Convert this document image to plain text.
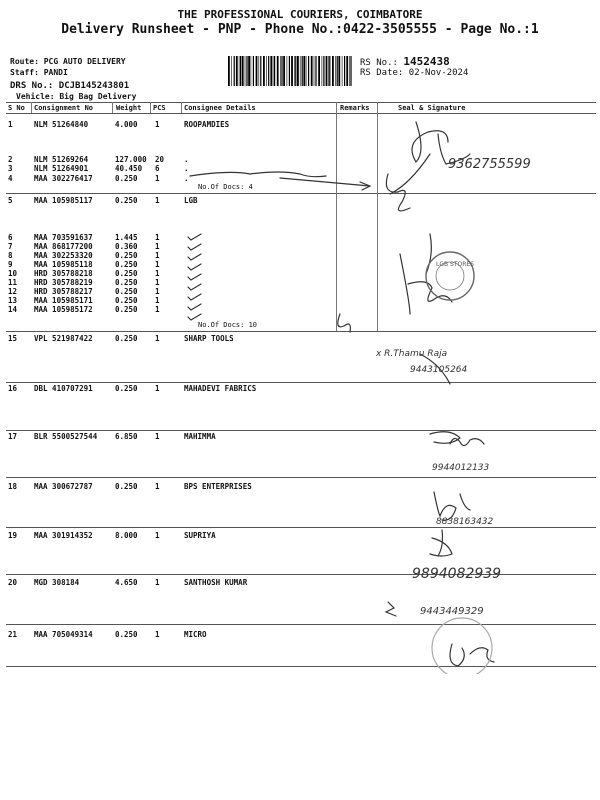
THE PROFESSIONAL COURIERS, COIMBATORE
Delivery Runsheet - PNP - Phone No.:0422-3505555 - Page No.:1
Route: PCG AUTO DELIVERY
Staff: PANDI
DRS No.: DCJB145243801
Vehicle: Big Bag Delivery
RS No.: 1452438
RS Date: 02-Nov-2024
S No Consignment No	Weight PCS	Consignee Details	Remarks	Seal & Signature
1	NLM 51264840	4.000 1	ROOPAMDIES
2	NLM 51269264	127.000 20	.
3	NLM 51264901	40.450 6	.
4	MAA 302276417	0.250 1	.
5	MAA 105985117	0.250 1	LGB
6	MAA 703591637	1.445 1
7	MAA 868177200	0.360 1
8	MAA 302253320	0.250 1
9	MAA 105985118	0.250 1
10 HRD 305788218	0.250 1
11 HRD 305788219	0.250 1
12 HRD 305788217	0.250 1
13 MAA 105985171	0.250 1
14 MAA 105985172	0.250 1
15 VPL 521987422	0.250 1	SHARP TOOLS
16 DBL 410707291	0.250 1	MAHADEVI FABRICS
17 BLR 5500527544 6.850 1	MAHIMMA
18 MAA 300672787	0.250 1	BPS ENTERPRISES
19 MAA 301914352	8.000 1	SUPRIYA
20 MGD 308184	4.650 1	SANTHOSH KUMAR
21 MAA 705049314	0.250 1	MICRO
No.Of Docs: 4
No.Of Docs: 10
LGB STORES
9362755599
x R.Thamu Raja
9443105264
9944012133
8838163432
9894082939
9443449329
